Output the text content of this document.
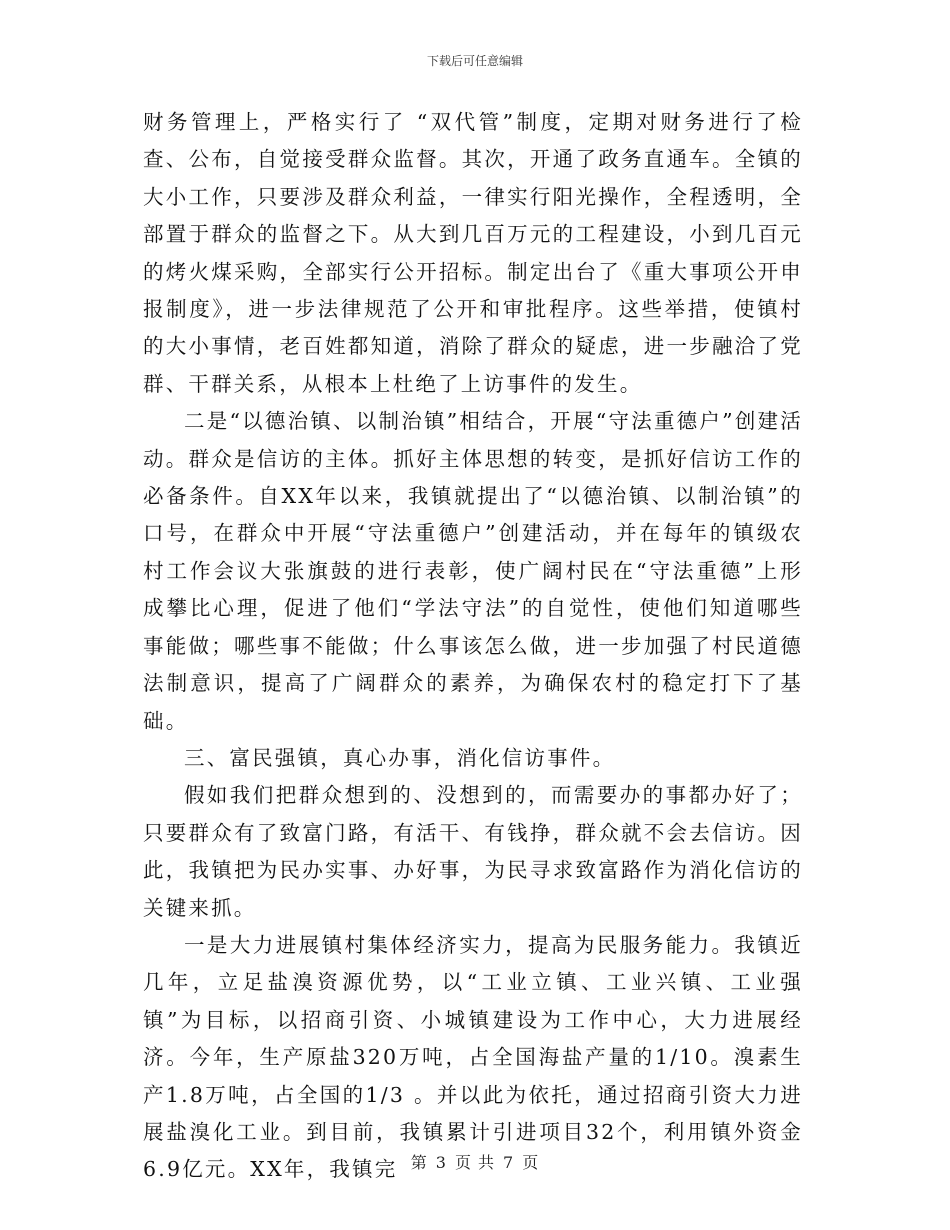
下载后可任意编辑

财务管理上，严格实行了 “双代管”制度，定期对财务进行了检查、公布，自觉接受群众监督。其次，开通了政务直通车。全镇的大小工作，只要涉及群众利益，一律实行阳光操作，全程透明，全部置于群众的监督之下。从大到几百万元的工程建设，小到几百元的烤火煤采购，全部实行公开招标。制定出台了《重大事项公开申报制度》，进一步法律规范了公开和审批程序。这些举措，使镇村的大小事情，老百姓都知道，消除了群众的疑虑，进一步融洽了党群、干群关系，从根本上杜绝了上访事件的发生。

二是“以德治镇、以制治镇”相结合，开展“守法重德户”创建活动。群众是信访的主体。抓好主体思想的转变，是抓好信访工作的必备条件。自XX年以来，我镇就提出了“以德治镇、以制治镇”的口号，在群众中开展“守法重德户”创建活动，并在每年的镇级农村工作会议大张旗鼓的进行表彰，使广阔村民在“守法重德”上形成攀比心理，促进了他们“学法守法”的自觉性，使他们知道哪些事能做；哪些事不能做；什么事该怎么做，进一步加强了村民道德法制意识，提高了广阔群众的素养，为确保农村的稳定打下了基础。

三、富民强镇，真心办事，消化信访事件。

假如我们把群众想到的、没想到的，而需要办的事都办好了；只要群众有了致富门路，有活干、有钱挣，群众就不会去信访。因此，我镇把为民办实事、办好事，为民寻求致富路作为消化信访的关键来抓。

一是大力进展镇村集体经济实力，提高为民服务能力。我镇近几年，立足盐溴资源优势，以“工业立镇、工业兴镇、工业强镇”为目标，以招商引资、小城镇建设为工作中心，大力进展经济。今年，生产原盐320万吨，占全国海盐产量的1/10。溴素生产1.8万吨，占全国的1/3 。并以此为依托，通过招商引资大力进展盐溴化工业。到目前，我镇累计引进项目32个，利用镇外资金6.9亿元。XX年，我镇完 第 3 页 共 7 页
